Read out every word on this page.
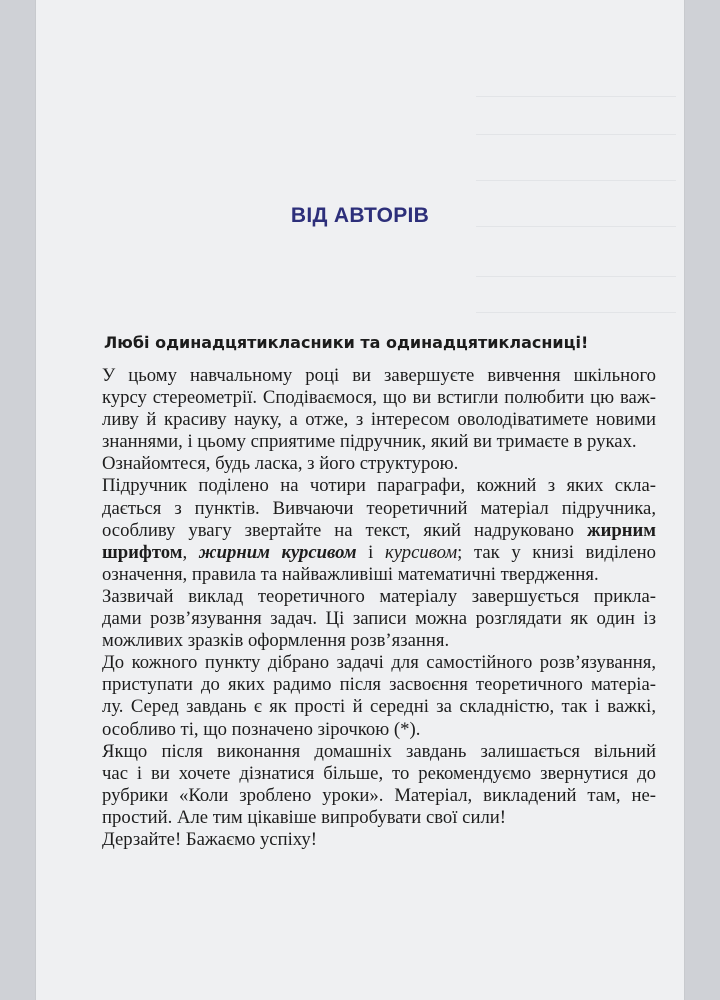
ВІД АВТОРІВ
Любі одинадцятикласники та одинадцятикласниці!

У цьому навчальному році ви завершуєте вивчення шкільного
курсу стереометрії. Сподіваємося, що ви встигли полюбити цю важ-
ливу й красиву науку, а отже, з інтересом оволодіватимете новими
знаннями, і цьому сприятиме підручник, який ви тримаєте в руках.

Ознайомтеся, будь ласка, з його структурою.

Підручник поділено на чотири параграфи, кожний з яких скла-
дається з пунктів. Вивчаючи теоретичний матеріал підручника,
особливу увагу звертайте на текст, який надруковано жирним
шрифтом, жирним курсивом і курсивом; так у книзі виділено
означення, правила та найважливіші математичні твердження.

Зазвичай виклад теоретичного матеріалу завершується прикла-
дами розв’язування задач. Ці записи можна розглядати як один із
можливих зразків оформлення розв’язання.

До кожного пункту дібрано задачі для самостійного розв’язування,
приступати до яких радимо після засвоєння теоретичного матеріа-
лу. Серед завдань є як прості й середні за складністю, так і важкі,
особливо ті, що позначено зірочкою (*).

Якщо після виконання домашніх завдань залишається вільний
час і ви хочете дізнатися більше, то рекомендуємо звернутися до
рубрики «Коли зроблено уроки». Матеріал, викладений там, не-
простий. Але тим цікавіше випробувати свої сили!

Дерзайте! Бажаємо успіху!
